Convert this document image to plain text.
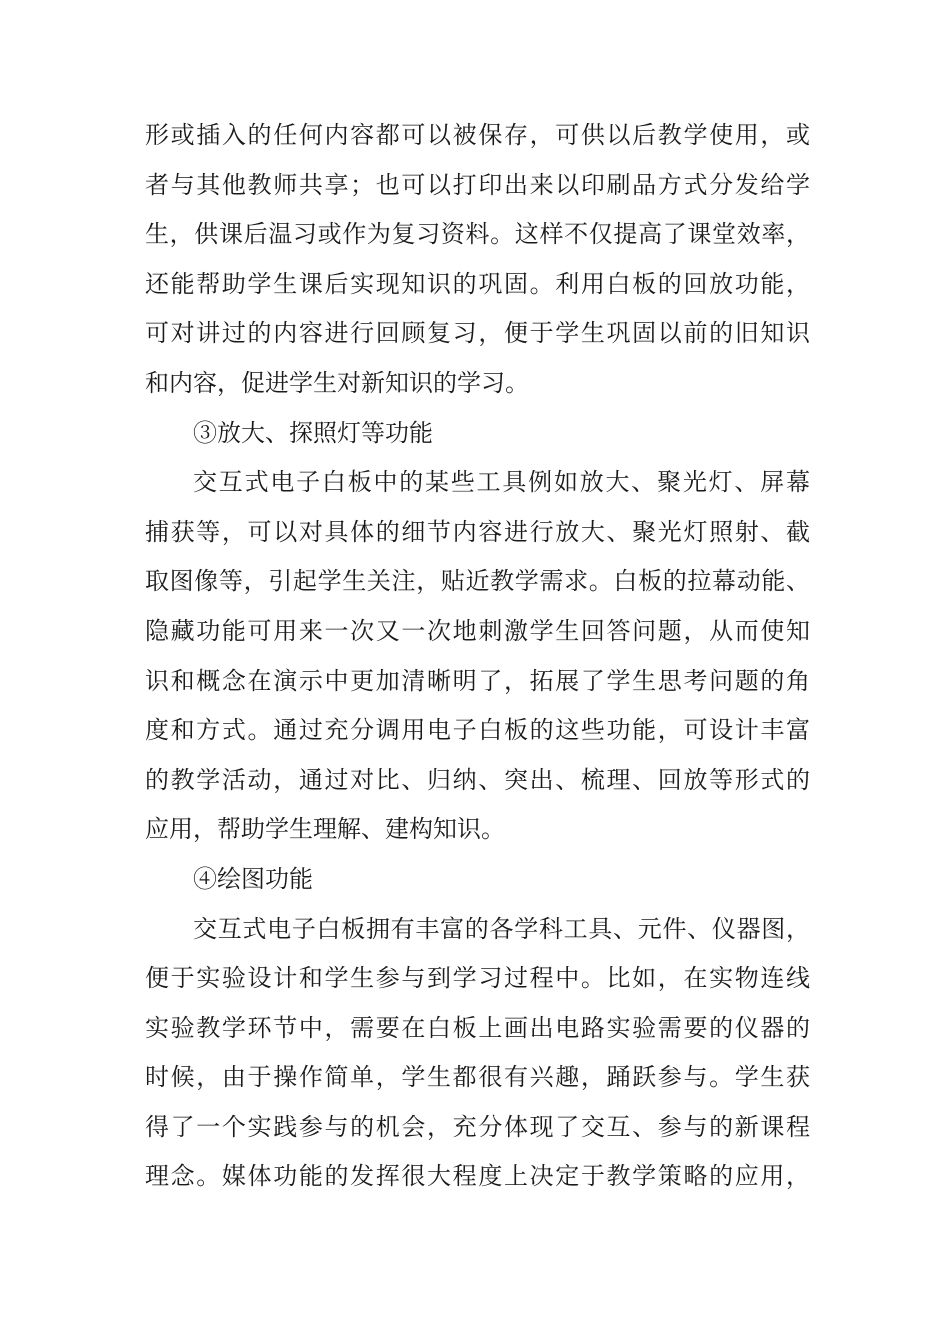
形或插入的任何内容都可以被保存，可供以后教学使用，或
者与其他教师共享；也可以打印出来以印刷品方式分发给学
生，供课后温习或作为复习资料。这样不仅提高了课堂效率，
还能帮助学生课后实现知识的巩固。利用白板的回放功能，
可对讲过的内容进行回顾复习，便于学生巩固以前的旧知识
和内容，促进学生对新知识的学习。
③放大、探照灯等功能
交互式电子白板中的某些工具例如放大、聚光灯、屏幕
捕获等，可以对具体的细节内容进行放大、聚光灯照射、截
取图像等，引起学生关注，贴近教学需求。白板的拉幕动能、
隐藏功能可用来一次又一次地刺激学生回答问题，从而使知
识和概念在演示中更加清晰明了，拓展了学生思考问题的角
度和方式。通过充分调用电子白板的这些功能，可设计丰富
的教学活动，通过对比、归纳、突出、梳理、回放等形式的
应用，帮助学生理解、建构知识。
④绘图功能
交互式电子白板拥有丰富的各学科工具、元件、仪器图，
便于实验设计和学生参与到学习过程中。比如，在实物连线
实验教学环节中，需要在白板上画出电路实验需要的仪器的
时候，由于操作简单，学生都很有兴趣，踊跃参与。学生获
得了一个实践参与的机会，充分体现了交互、参与的新课程
理念。媒体功能的发挥很大程度上决定于教学策略的应用，
